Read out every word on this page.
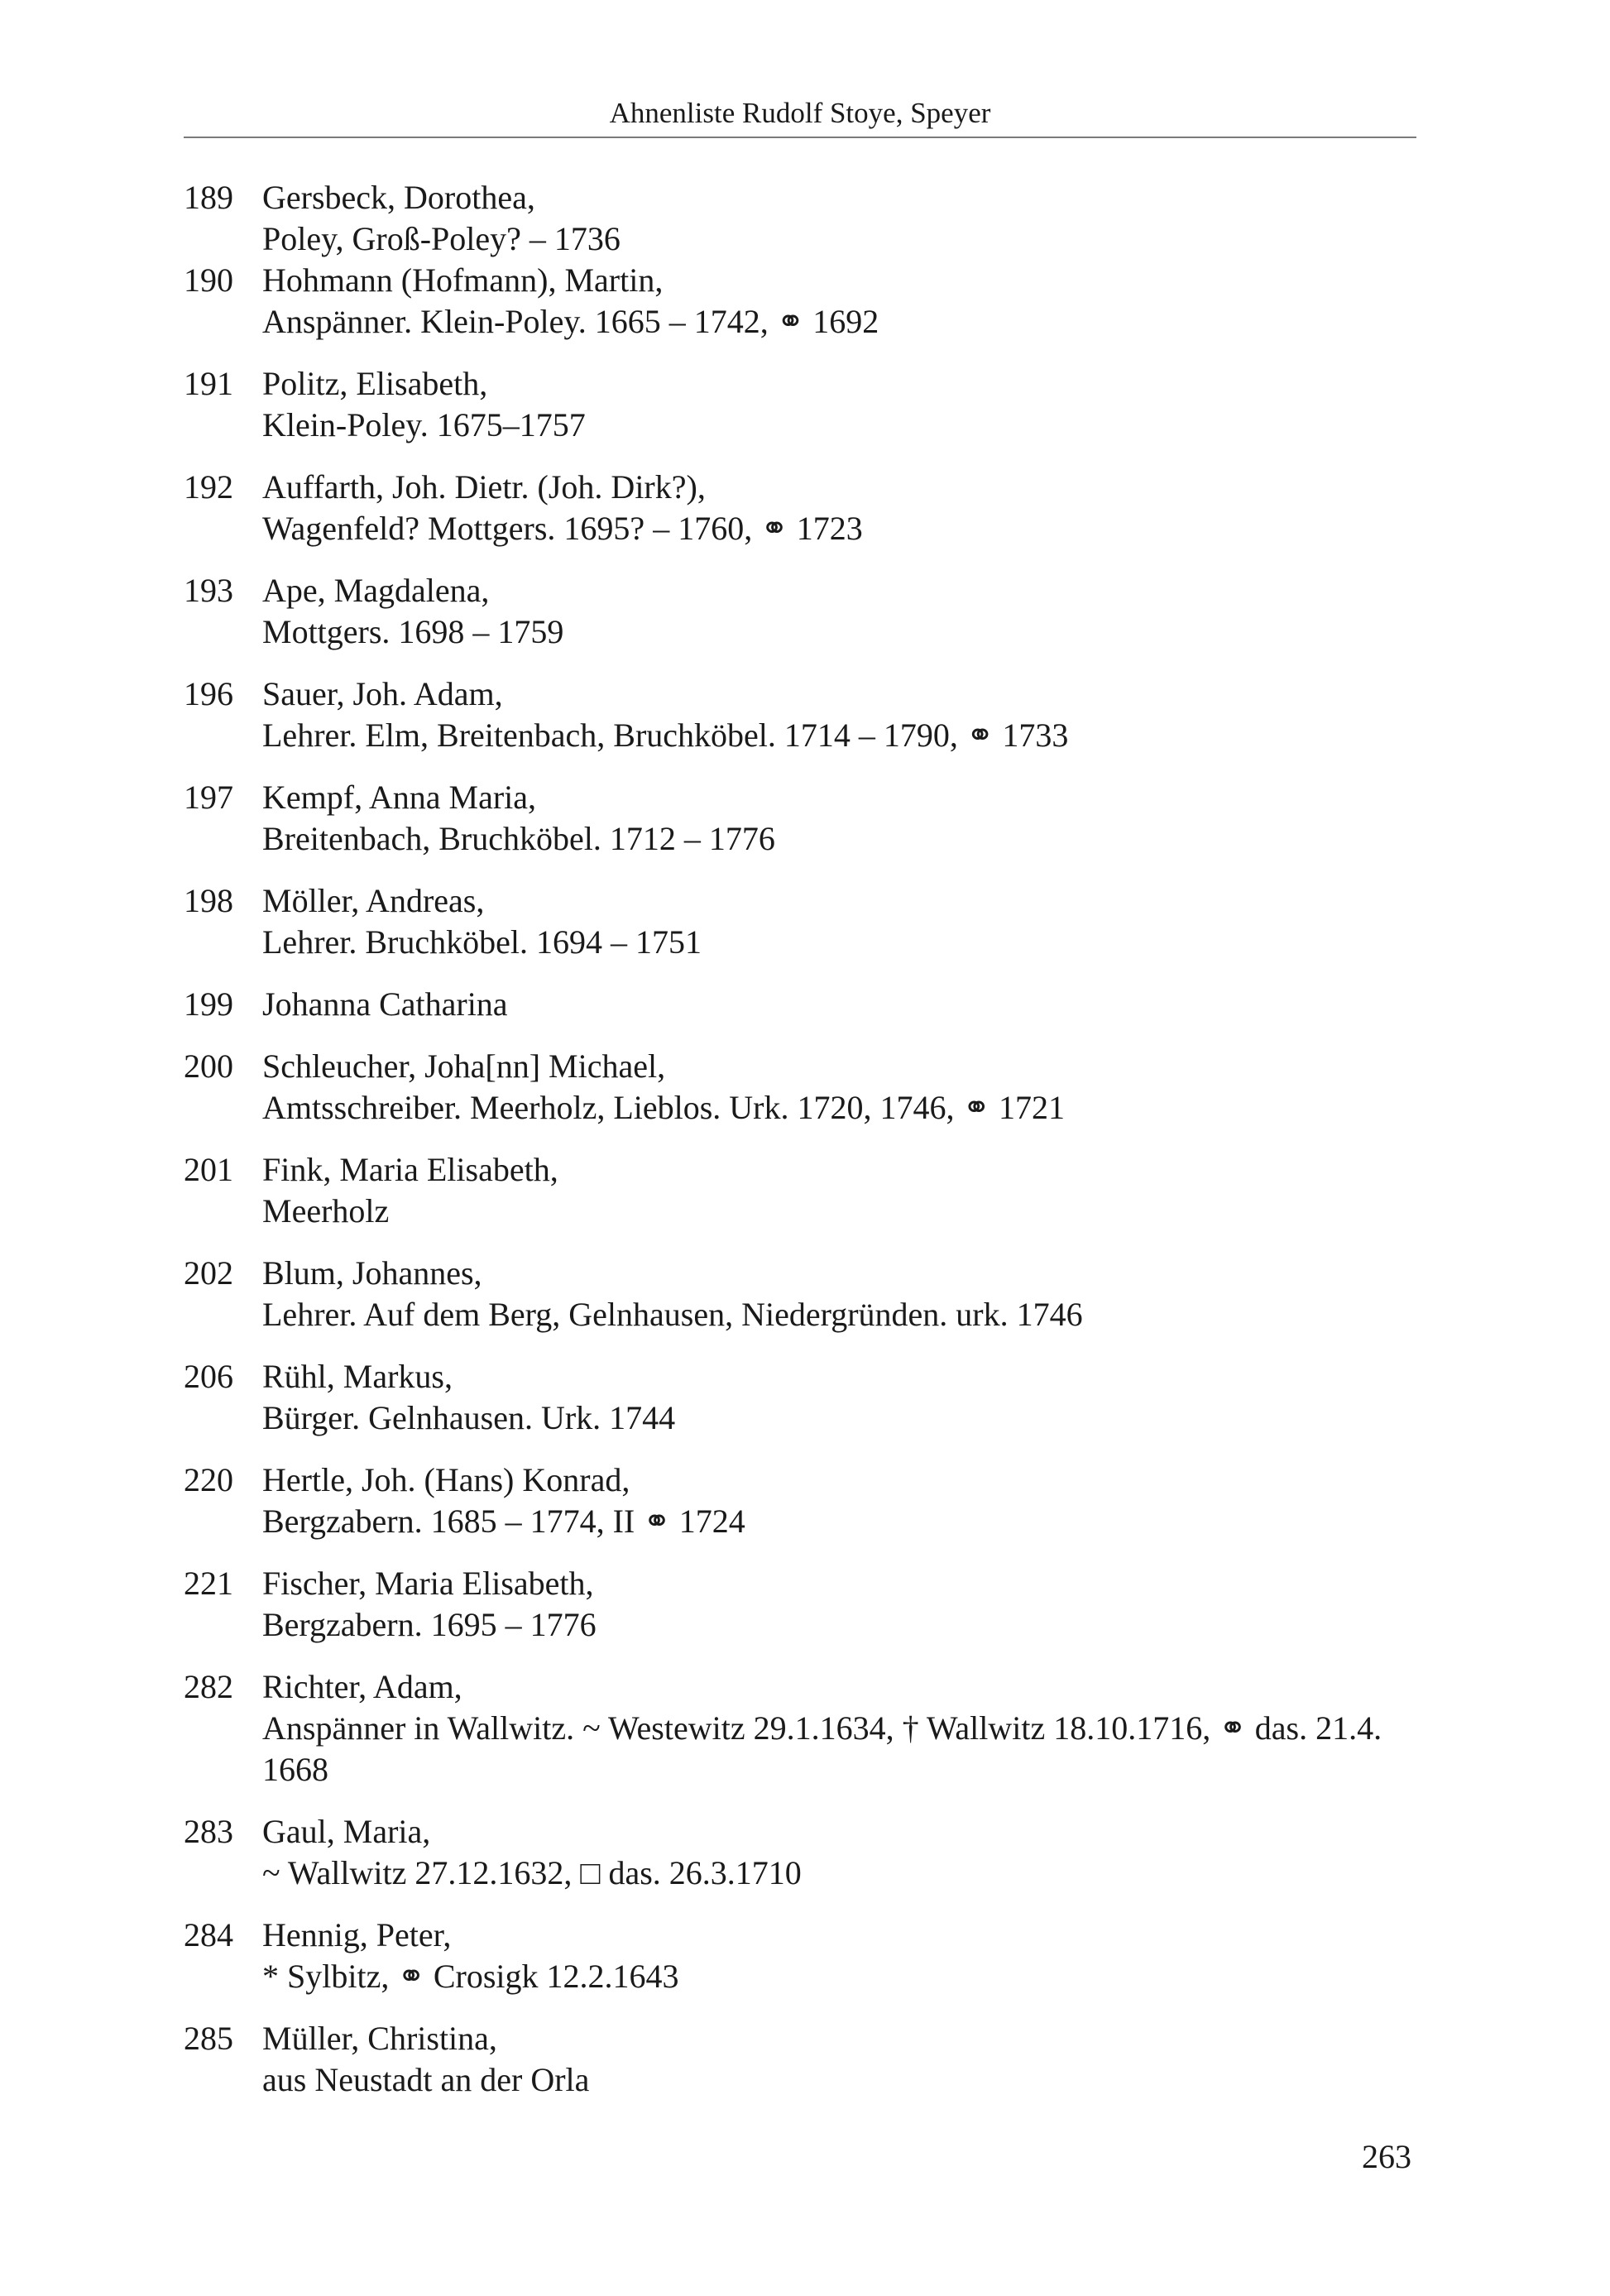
Ahnenliste Rudolf Stoye, Speyer
189 Gersbeck, Dorothea,
Poley, Groß-Poley? – 1736
190 Hohmann (Hofmann), Martin,
Anspänner. Klein-Poley. 1665 – 1742, ⚭ 1692
191 Politz, Elisabeth,
Klein-Poley. 1675–1757
192 Auffarth, Joh. Dietr. (Joh. Dirk?),
Wagenfeld? Mottgers. 1695? – 1760, ⚭ 1723
193 Ape, Magdalena,
Mottgers. 1698 – 1759
196 Sauer, Joh. Adam,
Lehrer. Elm, Breitenbach, Bruchköbel. 1714 – 1790, ⚭ 1733
197 Kempf, Anna Maria,
Breitenbach, Bruchköbel. 1712 – 1776
198 Möller, Andreas,
Lehrer. Bruchköbel. 1694 – 1751
199 Johanna Catharina
200 Schleucher, Joha[nn] Michael,
Amtsschreiber. Meerholz, Lieblos. Urk. 1720, 1746, ⚭ 1721
201 Fink, Maria Elisabeth,
Meerholz
202 Blum, Johannes,
Lehrer. Auf dem Berg, Gelnhausen, Niedergründen. urk. 1746
206 Rühl, Markus,
Bürger. Gelnhausen. Urk. 1744
220 Hertle, Joh. (Hans) Konrad,
Bergzabern. 1685 – 1774, II ⚭ 1724
221 Fischer, Maria Elisabeth,
Bergzabern. 1695 – 1776
282 Richter, Adam,
Anspänner in Wallwitz. ~ Westewitz 29.1.1634, † Wallwitz 18.10.1716, ⚭ das. 21.4.
1668
283 Gaul, Maria,
~ Wallwitz 27.12.1632, □ das. 26.3.1710
284 Hennig, Peter,
* Sylbitz, ⚭ Crosigk 12.2.1643
285 Müller, Christina,
aus Neustadt an der Orla
263
